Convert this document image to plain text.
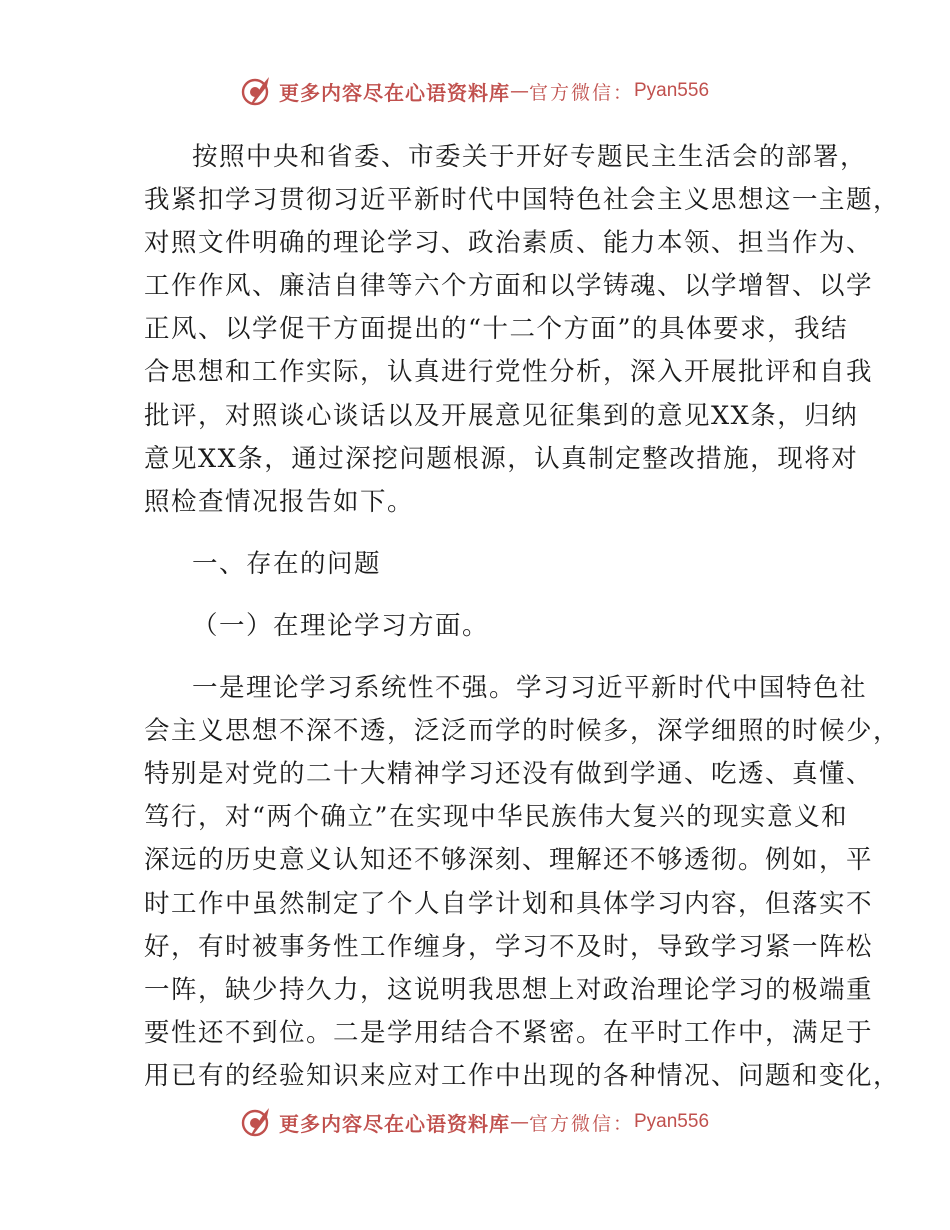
更多内容尽在心语资料库 — 官方微信： Pyan556
按照中央和省委、市委关于开好专题民主生活会的部署，
我紧扣学习贯彻习近平新时代中国特色社会主义思想这一主题，
对照文件明确的理论学习、政治素质、能力本领、担当作为、
工作作风、廉洁自律等六个方面和以学铸魂、以学增智、以学
正风、以学促干方面提出的“十二个方面”的具体要求，我结
合思想和工作实际，认真进行党性分析，深入开展批评和自我
批评，对照谈心谈话以及开展意见征集到的意见XX条，归纳
意见XX条，通过深挖问题根源，认真制定整改措施，现将对
照检查情况报告如下。
一、存在的问题
（一）在理论学习方面。
一是理论学习系统性不强。学习习近平新时代中国特色社
会主义思想不深不透，泛泛而学的时候多，深学细照的时候少，
特别是对党的二十大精神学习还没有做到学通、吃透、真懂、
笃行，对“两个确立”在实现中华民族伟大复兴的现实意义和
深远的历史意义认知还不够深刻、理解还不够透彻。例如，平
时工作中虽然制定了个人自学计划和具体学习内容，但落实不
好，有时被事务性工作缠身，学习不及时，导致学习紧一阵松
一阵，缺少持久力，这说明我思想上对政治理论学习的极端重
要性还不到位。二是学用结合不紧密。在平时工作中，满足于
用已有的经验知识来应对工作中出现的各种情况、问题和变化，
更多内容尽在心语资料库 — 官方微信： Pyan556
